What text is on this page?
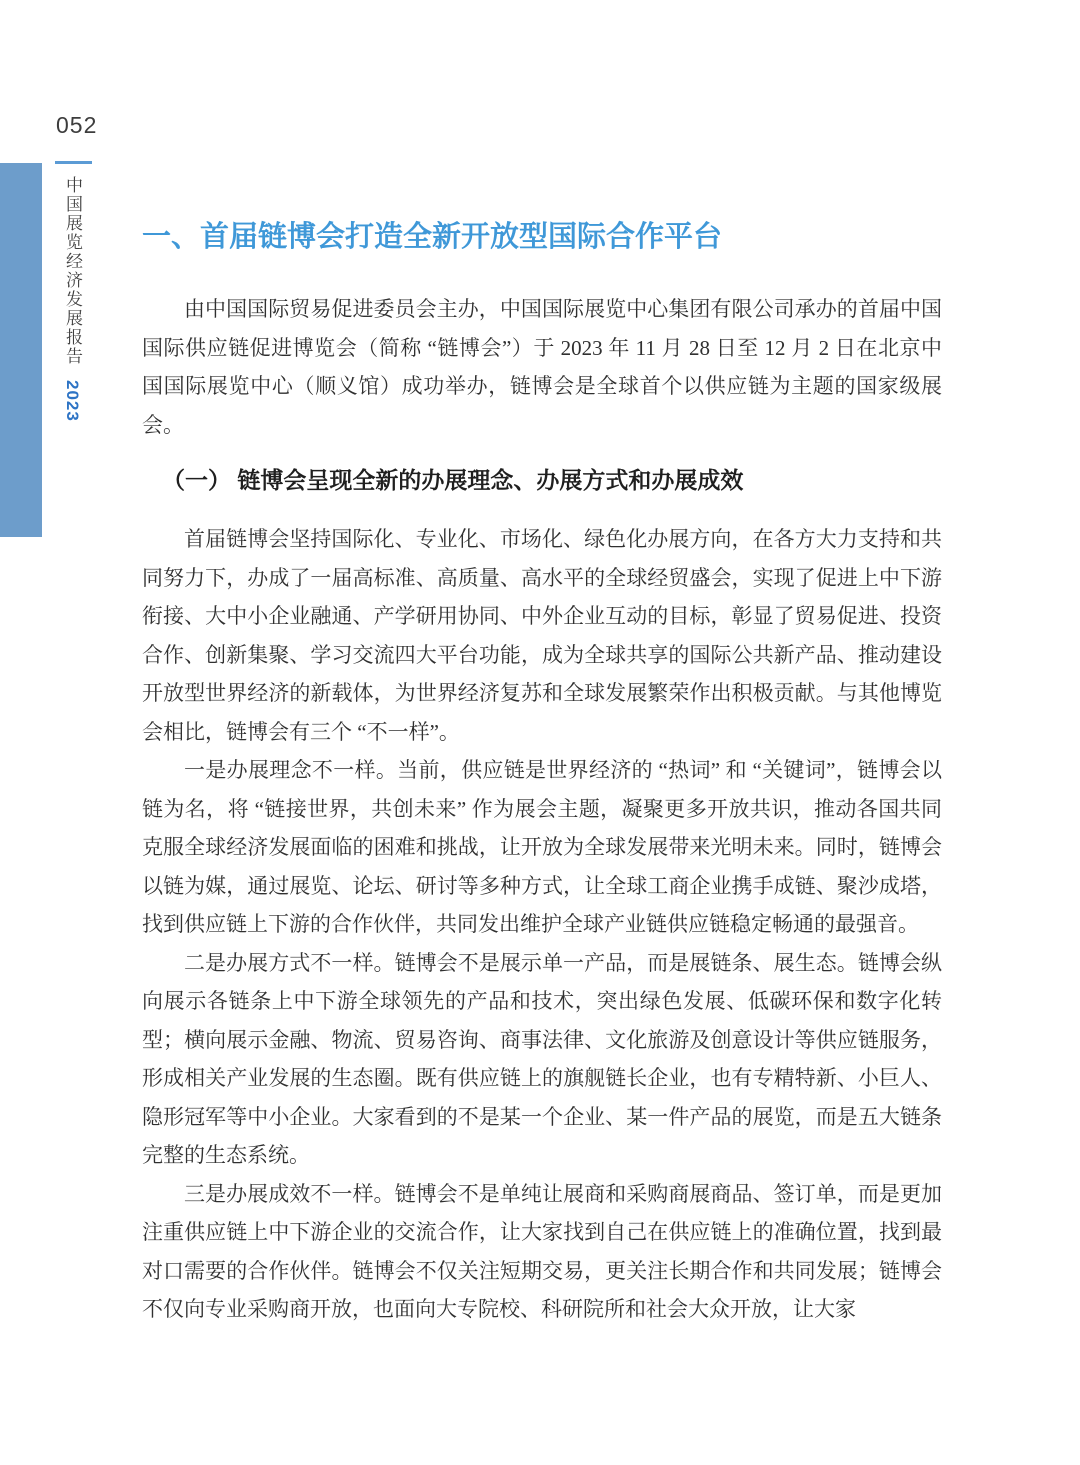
052
中国展览经济发展报告 2023
一、首届链博会打造全新开放型国际合作平台

由中国国际贸易促进委员会主办，中国国际展览中心集团有限公司承办的首届中国国际供应链促进博览会（简称 “链博会”）于 2023 年 11 月 28 日至 12 月 2 日在北京中国国际展览中心（顺义馆）成功举办，链博会是全球首个以供应链为主题的国家级展会。

（一） 链博会呈现全新的办展理念、办展方式和办展成效

首届链博会坚持国际化、专业化、市场化、绿色化办展方向，在各方大力支持和共同努力下，办成了一届高标准、高质量、高水平的全球经贸盛会，实现了促进上中下游衔接、大中小企业融通、产学研用协同、中外企业互动的目标，彰显了贸易促进、投资合作、创新集聚、学习交流四大平台功能，成为全球共享的国际公共新产品、推动建设开放型世界经济的新载体，为世界经济复苏和全球发展繁荣作出积极贡献。与其他博览会相比，链博会有三个 “不一样”。

一是办展理念不一样。当前，供应链是世界经济的 “热词” 和 “关键词”，链博会以链为名，将 “链接世界，共创未来” 作为展会主题，凝聚更多开放共识，推动各国共同克服全球经济发展面临的困难和挑战，让开放为全球发展带来光明未来。同时，链博会以链为媒，通过展览、论坛、研讨等多种方式，让全球工商企业携手成链、聚沙成塔，找到供应链上下游的合作伙伴，共同发出维护全球产业链供应链稳定畅通的最强音。

二是办展方式不一样。链博会不是展示单一产品，而是展链条、展生态。链博会纵向展示各链条上中下游全球领先的产品和技术，突出绿色发展、低碳环保和数字化转型；横向展示金融、物流、贸易咨询、商事法律、文化旅游及创意设计等供应链服务，形成相关产业发展的生态圈。既有供应链上的旗舰链长企业，也有专精特新、小巨人、隐形冠军等中小企业。大家看到的不是某一个企业、某一件产品的展览，而是五大链条完整的生态系统。

三是办展成效不一样。链博会不是单纯让展商和采购商展商品、签订单，而是更加注重供应链上中下游企业的交流合作，让大家找到自己在供应链上的准确位置，找到最对口需要的合作伙伴。链博会不仅关注短期交易，更关注长期合作和共同发展；链博会不仅向专业采购商开放，也面向大专院校、科研院所和社会大众开放，让大家
